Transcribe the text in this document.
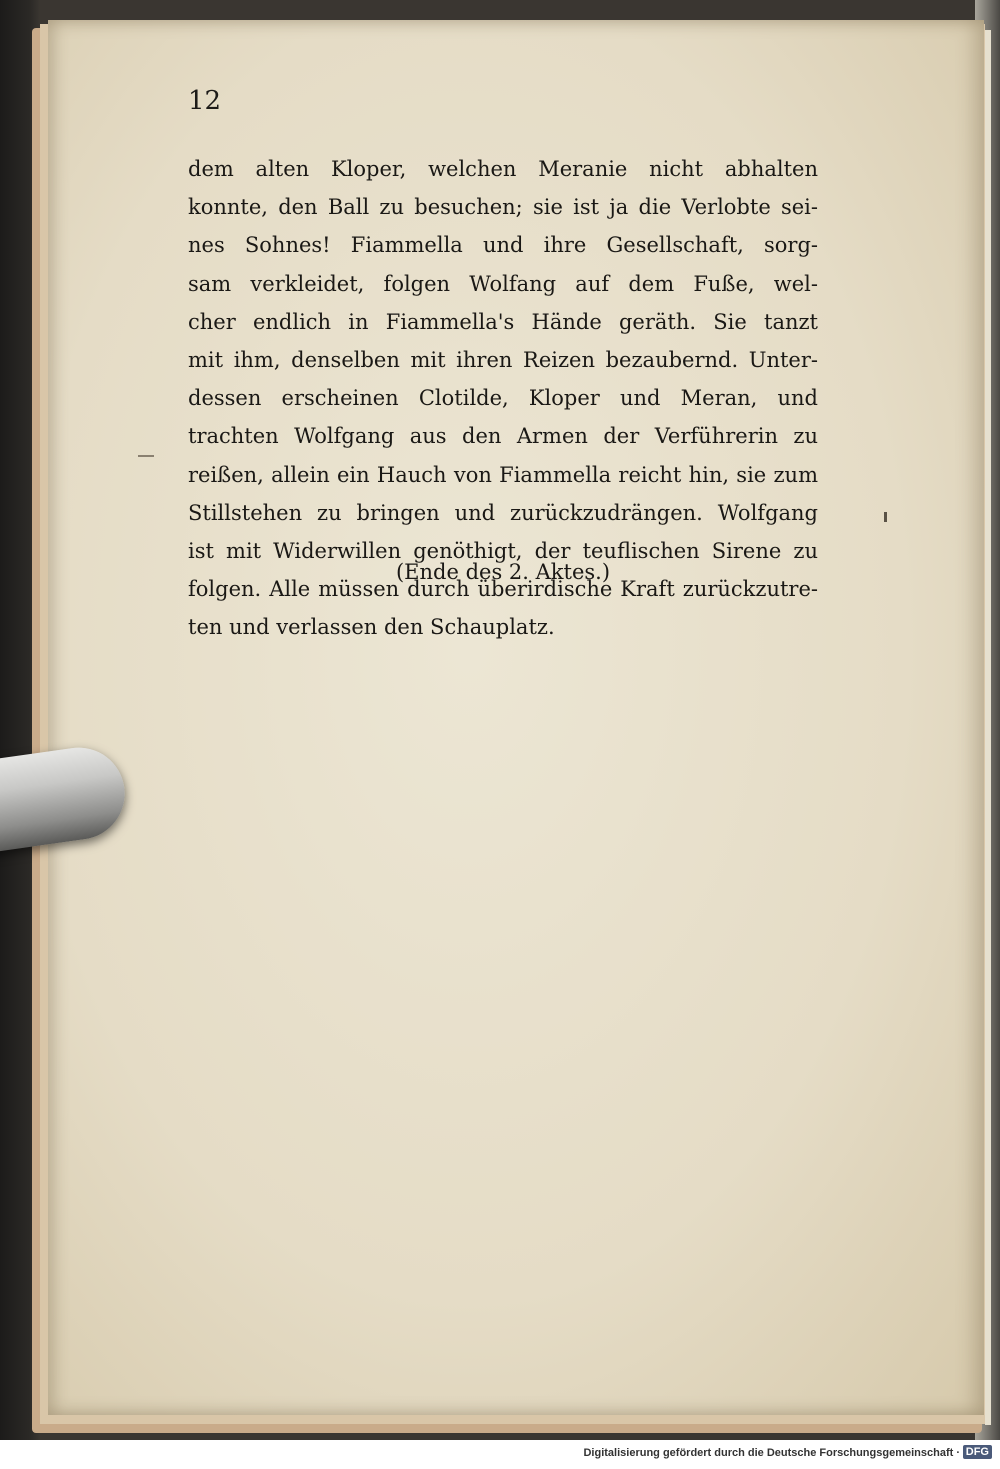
12
dem alten Kloper, welchen Meranie nicht abhalten
konnte, den Ball zu besuchen; sie ist ja die Verlobte sei-
nes Sohnes! Fiammella und ihre Gesellschaft, sorg-
sam verkleidet, folgen Wolfang auf dem Fuße, wel-
cher endlich in Fiammella's Hände geräth. Sie tanzt
mit ihm, denselben mit ihren Reizen bezaubernd. Unter-
dessen erscheinen Clotilde, Kloper und Meran, und
trachten Wolfgang aus den Armen der Verführerin zu
reißen, allein ein Hauch von Fiammella reicht hin, sie zum
Stillstehen zu bringen und zurückzudrängen. Wolfgang
ist mit Widerwillen genöthigt, der teuflischen Sirene zu
folgen. Alle müssen durch überirdische Kraft zurückzutre-
ten und verlassen den Schauplatz.
(Ende des 2. Aktes.)
Digitalisierung gefördert durch die Deutsche Forschungsgemeinschaft · DFG
